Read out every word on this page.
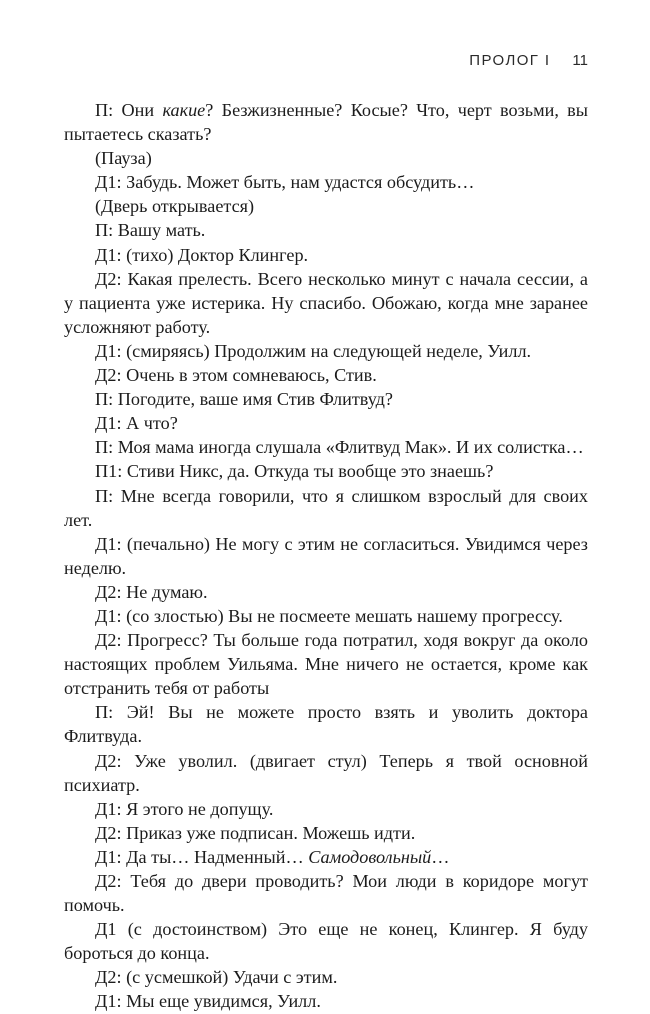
ПРОЛОГ I 11

П: Они какие? Безжизненные? Косые? Что, черт возьми, вы пытаетесь сказать?

(Пауза)

Д1: Забудь. Может быть, нам удастся обсудить…

(Дверь открывается)

П: Вашу мать.

Д1: (тихо) Доктор Клингер.

Д2: Какая прелесть. Всего несколько минут с начала сессии, а у пациента уже истерика. Ну спасибо. Обожаю, когда мне заранее усложняют работу.

Д1: (смиряясь) Продолжим на следующей неделе, Уилл.

Д2: Очень в этом сомневаюсь, Стив.

П: Погодите, ваше имя Стив Флитвуд?

Д1: А что?

П: Моя мама иногда слушала «Флитвуд Мак». И их солистка…

П1: Стиви Никс, да. Откуда ты вообще это знаешь?

П: Мне всегда говорили, что я слишком взрослый для своих лет.

Д1: (печально) Не могу с этим не согласиться. Увидимся через неделю.

Д2: Не думаю.

Д1: (со злостью) Вы не посмеете мешать нашему прогрессу.

Д2: Прогресс? Ты больше года потратил, ходя вокруг да около настоящих проблем Уильяма. Мне ничего не остается, кроме как отстранить тебя от работы

П: Эй! Вы не можете просто взять и уволить доктора Флитвуда.

Д2: Уже уволил. (двигает стул) Теперь я твой основной психиатр.

Д1: Я этого не допущу.

Д2: Приказ уже подписан. Можешь идти.

Д1: Да ты… Надменный… Самодовольный…

Д2: Тебя до двери проводить? Мои люди в коридоре могут помочь.

Д1 (с достоинством) Это еще не конец, Клингер. Я буду бороться до конца.

Д2: (с усмешкой) Удачи с этим.

Д1: Мы еще увидимся, Уилл.
